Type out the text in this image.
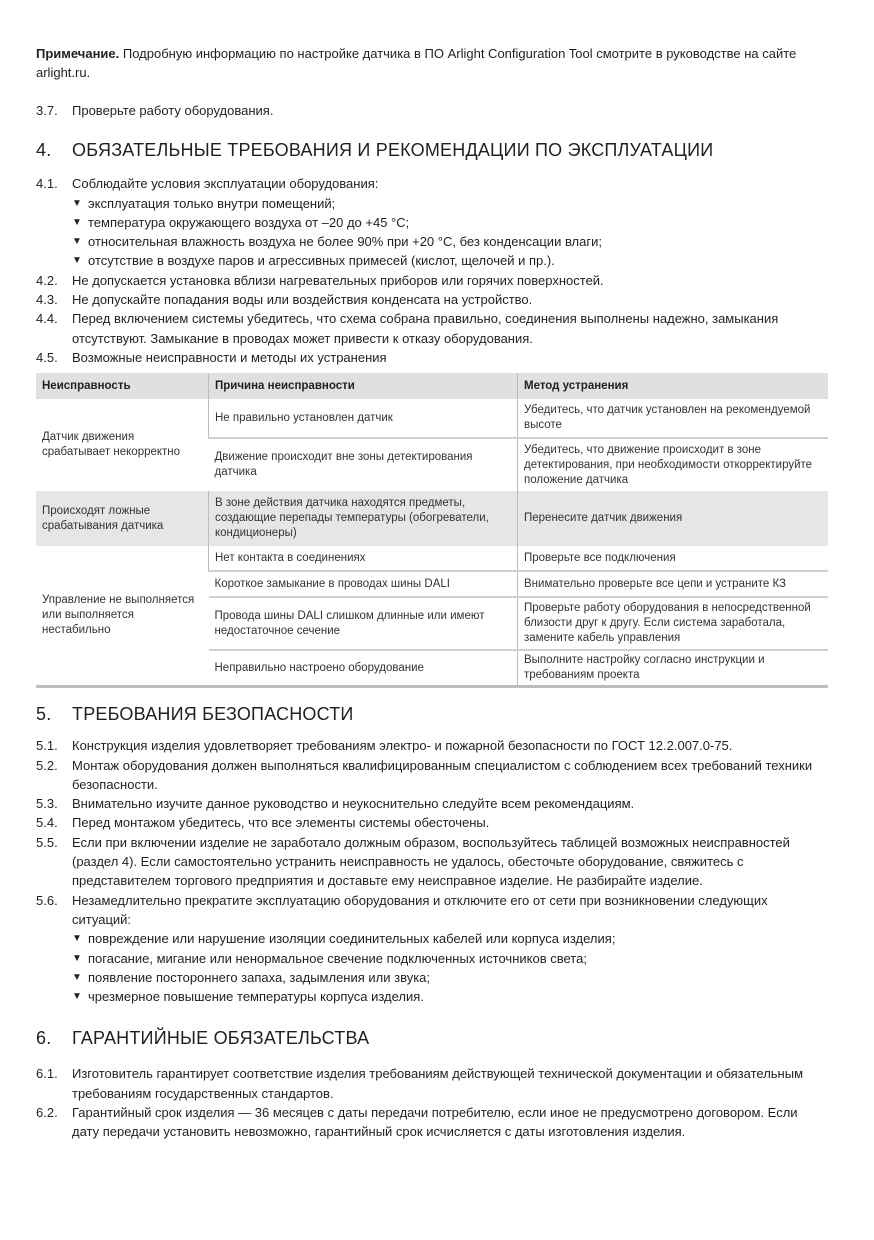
Примечание. Подробную информацию по настройке датчика в ПО Arlight Configuration Tool смотрите в руководстве на сайте arlight.ru.

3.7.	Проверьте работу оборудования.
4.	ОБЯЗАТЕЛЬНЫЕ ТРЕБОВАНИЯ И РЕКОМЕНДАЦИИ ПО ЭКСПЛУАТАЦИИ
4.1.	Соблюдайте условия эксплуатации оборудования:
▼ эксплуатация только внутри помещений;
▼ температура окружающего воздуха от –20 до +45 °C;
▼ относительная влажность воздуха не более 90% при +20 °C, без конденсации влаги;
▼ отсутствие в воздухе паров и агрессивных примесей (кислот, щелочей и пр.).
4.2.	Не допускается установка вблизи нагревательных приборов или горячих поверхностей.
4.3.	Не допускайте попадания воды или воздействия конденсата на устройство.
4.4.	Перед включением системы убедитесь, что схема собрана правильно, соединения выполнены надежно, замыкания отсутствуют. Замыкание в проводах может привести к отказу оборудования.
4.5.	Возможные неисправности и методы их устранения
Неисправность	Причина неисправности	Метод устранения
Датчик движения срабатывает некорректно	Не правильно установлен датчик	Убедитесь, что датчик установлен на рекомендуемой высоте
	Движение происходит вне зоны детектирования датчика	Убедитесь, что движение происходит в зоне детектирования, при необходимости откорректируйте положение датчика
Происходят ложные срабатывания датчика	В зоне действия датчика находятся предметы, создающие перепады температуры (обогреватели, кондиционеры)	Перенесите датчик движения
Управление не выполняется или выполняется нестабильно	Нет контакта в соединениях	Проверьте все подключения
	Короткое замыкание в проводах шины DALI	Внимательно проверьте все цепи и устраните КЗ
	Провода шины DALI слишком длинные или имеют недостаточное сечение	Проверьте работу оборудования в непосредственной близости друг к другу. Если система заработала, замените кабель управления
	Неправильно настроено оборудование	Выполните настройку согласно инструкции и требованиям проекта
5.	ТРЕБОВАНИЯ БЕЗОПАСНОСТИ
5.1.	Конструкция изделия удовлетворяет требованиям электро- и пожарной безопасности по ГОСТ 12.2.007.0-75.
5.2.	Монтаж оборудования должен выполняться квалифицированным специалистом с соблюдением всех требований техники безопасности.
5.3.	Внимательно изучите данное руководство и неукоснительно следуйте всем рекомендациям.
5.4.	Перед монтажом убедитесь, что все элементы системы обесточены.
5.5.	Если при включении изделие не заработало должным образом, воспользуйтесь таблицей возможных неисправностей (раздел 4). Если самостоятельно устранить неисправность не удалось, обесточьте оборудование, свяжитесь с представителем торгового предприятия и доставьте ему неисправное изделие. Не разбирайте изделие.
5.6.	Незамедлительно прекратите эксплуатацию оборудования и отключите его от сети при возникновении следующих ситуаций:
▼ повреждение или нарушение изоляции соединительных кабелей или корпуса изделия;
▼ погасание, мигание или ненормальное свечение подключенных источников света;
▼ появление постороннего запаха, задымления или звука;
▼ чрезмерное повышение температуры корпуса изделия.
6.	ГАРАНТИЙНЫЕ ОБЯЗАТЕЛЬСТВА
6.1.	Изготовитель гарантирует соответствие изделия требованиям действующей технической документации и обязательным требованиям государственных стандартов.
6.2.	Гарантийный срок изделия — 36 месяцев с даты передачи потребителю, если иное не предусмотрено договором. Если дату передачи установить невозможно, гарантийный срок исчисляется с даты изготовления изделия.
